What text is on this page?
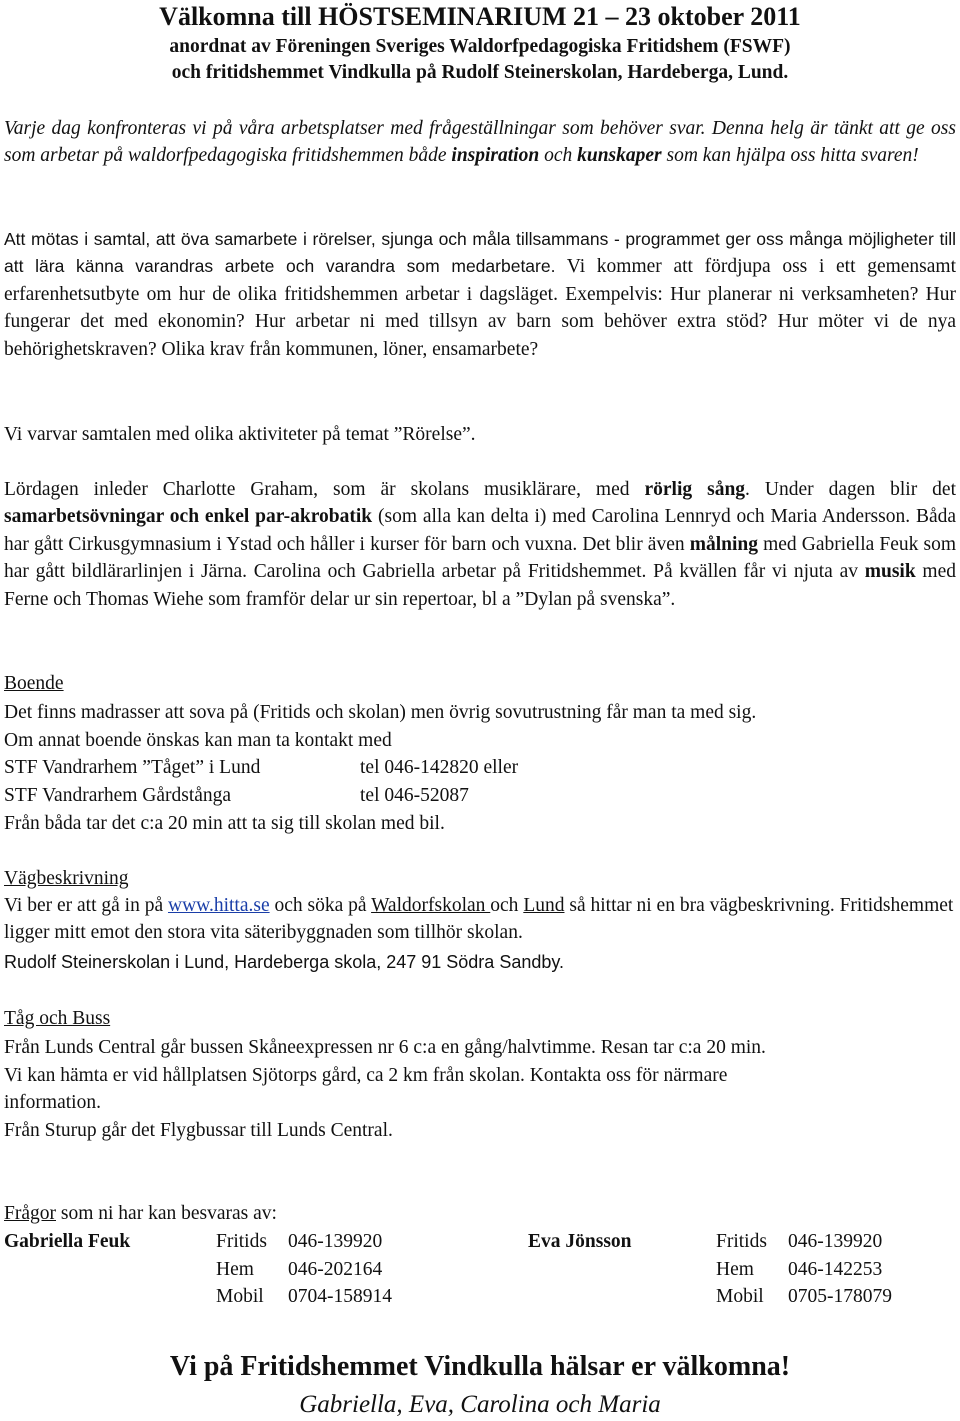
Välkomna till HÖSTSEMINARIUM 21 – 23 oktober 2011
anordnat av Föreningen Sveriges Waldorfpedagogiska Fritidshem (FSWF)
och fritidshemmet Vindkulla på Rudolf Steinerskolan, Hardeberga, Lund.

Varje dag konfronteras vi på våra arbetsplatser med frågeställningar som behöver svar. Denna helg är tänkt att ge oss som arbetar på waldorfpedagogiska fritidshemmen både inspiration och kunskaper som kan hjälpa oss hitta svaren!

Att mötas i samtal, att öva samarbete i rörelser, sjunga och måla tillsammans - programmet ger oss många möjligheter till att lära känna varandras arbete och varandra som medarbetare. Vi kommer att fördjupa oss i ett gemensamt erfarenhetsutbyte om hur de olika fritidshemmen arbetar i dagsläget. Exempelvis: Hur planerar ni verksamheten? Hur fungerar det med ekonomin? Hur arbetar ni med tillsyn av barn som behöver extra stöd? Hur möter vi de nya behörighetskraven? Olika krav från kommunen, löner, ensamarbete?

Vi varvar samtalen med olika aktiviteter på temat ”Rörelse”.

Lördagen inleder Charlotte Graham, som är skolans musiklärare, med rörlig sång. Under dagen blir det samarbetsövningar och enkel par-akrobatik (som alla kan delta i) med Carolina Lennryd och Maria Andersson. Båda har gått Cirkusgymnasium i Ystad och håller i kurser för barn och vuxna. Det blir även målning med Gabriella Feuk som har gått bildlärarlinjen i Järna. Carolina och Gabriella arbetar på Fritidshemmet. På kvällen får vi njuta av musik med Ferne och Thomas Wiehe som framför delar ur sin repertoar, bl a ”Dylan på svenska”.

Boende
Det finns madrasser att sova på (Fritids och skolan) men övrig sovutrustning får man ta med sig.
Om annat boende önskas kan man ta kontakt med
STF Vandrarhem ”Tåget” i Lund	tel 046-142820 eller
STF Vandrarhem Gårdstånga	tel 046-52087
Från båda tar det c:a 20 min att ta sig till skolan med bil.
Vägbeskrivning

Vi ber er att gå in på www.hitta.se och söka på Waldorfskolan och Lund så hittar ni en bra vägbeskrivning. Fritidshemmet ligger mitt emot den stora vita säteribyggnaden som tillhör skolan.

Rudolf Steinerskolan i Lund, Hardeberga skola, 247 91 Södra Sandby.
Tåg och Buss
Från Lunds Central går bussen Skåneexpressen nr 6 c:a en gång/halvtimme. Resan tar c:a 20 min.
Vi kan hämta er vid hållplatsen Sjötorps gård, ca 2 km från skolan. Kontakta oss för närmare
information.
Från Sturup går det Flygbussar till Lunds Central.
Frågor som ni har kan besvaras av:
Gabriella Feuk	Fritids 046-139920
Hem 046-202164
Mobil 0704-158914
Eva Jönsson	Fritids 046-139920
Hem 046-142253
Mobil 0705-178079
Vi på Fritidshemmet Vindkulla hälsar er välkomna!
Gabriella, Eva, Carolina och Maria
